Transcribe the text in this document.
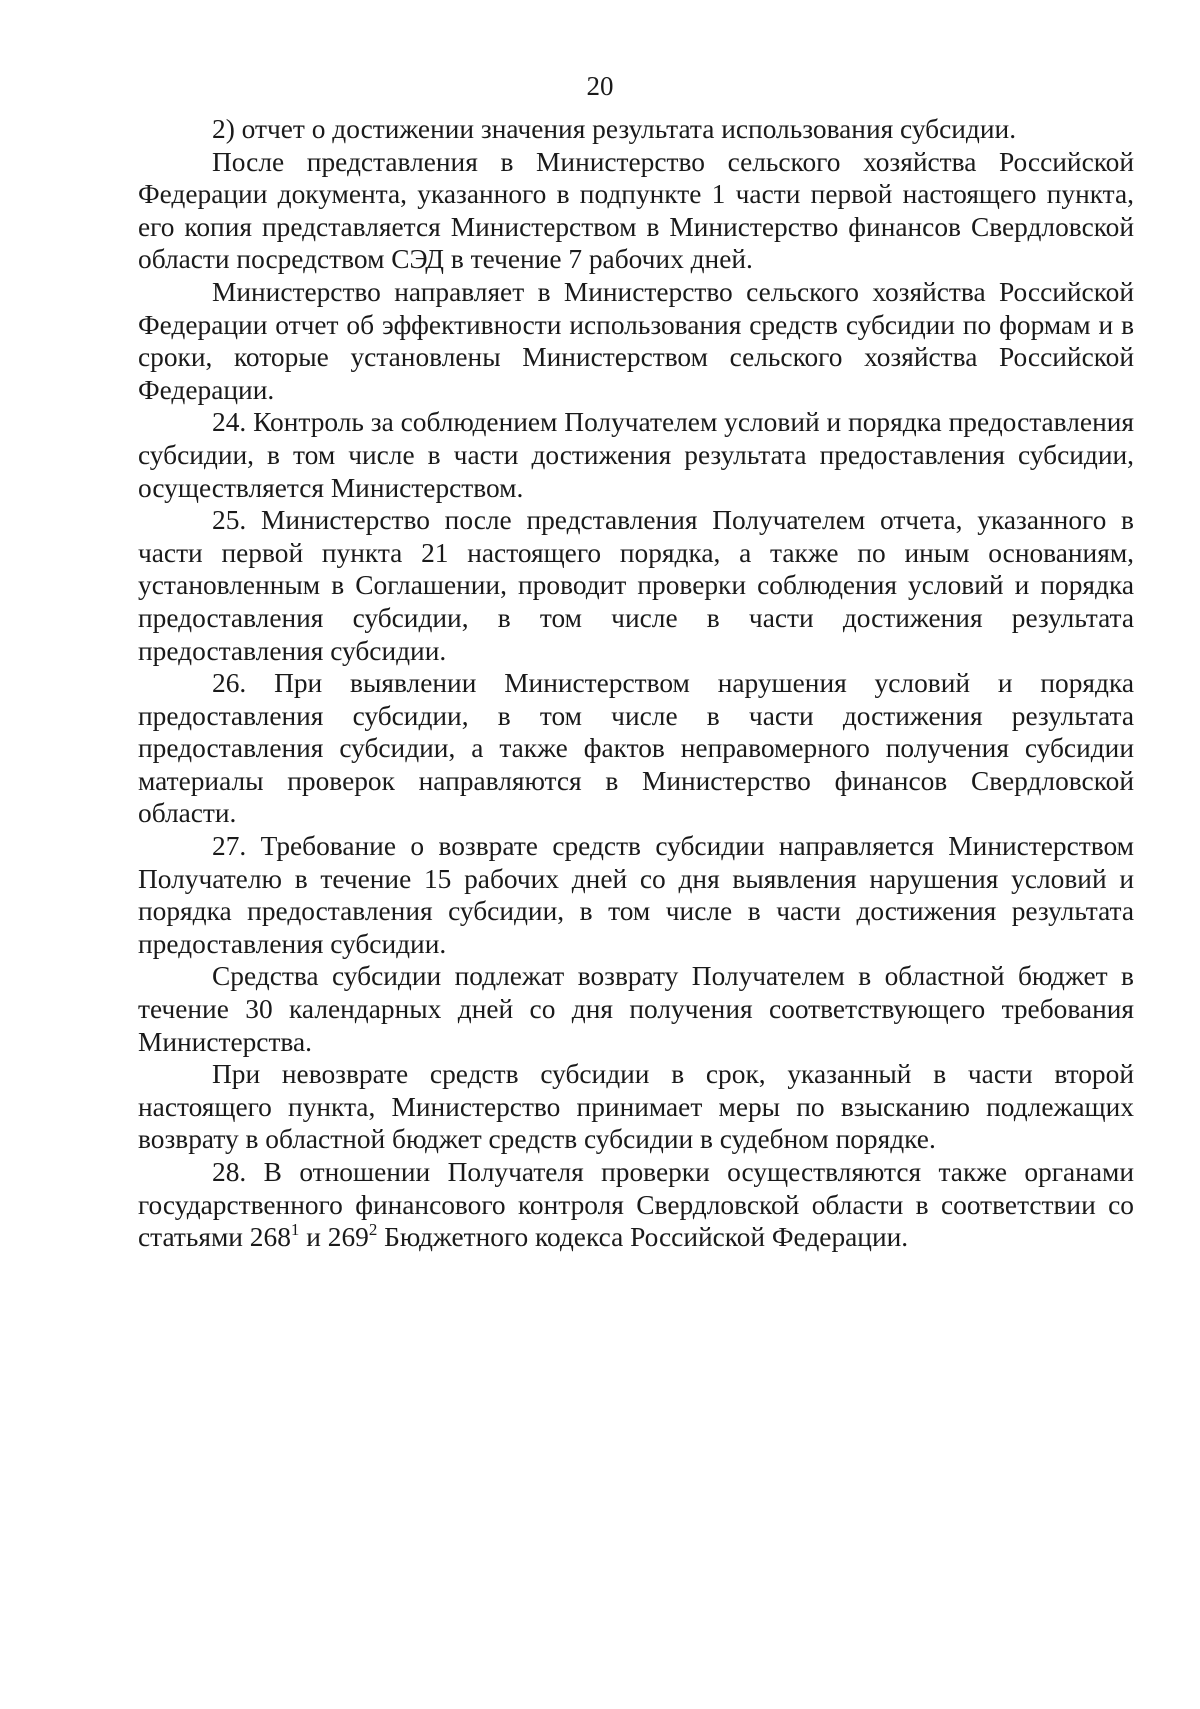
20

2) отчет о достижении значения результата использования субсидии.

После представления в Министерство сельского хозяйства Российской Федерации документа, указанного в подпункте 1 части первой настоящего пункта, его копия представляется Министерством в Министерство финансов Свердловской области посредством СЭД в течение 7 рабочих дней.

Министерство направляет в Министерство сельского хозяйства Российской Федерации отчет об эффективности использования средств субсидии по формам и в сроки, которые установлены Министерством сельского хозяйства Российской Федерации.

24. Контроль за соблюдением Получателем условий и порядка предоставления субсидии, в том числе в части достижения результата предоставления субсидии, осуществляется Министерством.

25. Министерство после представления Получателем отчета, указанного в части первой пункта 21 настоящего порядка, а также по иным основаниям, установленным в Соглашении, проводит проверки соблюдения условий и порядка предоставления субсидии, в том числе в части достижения результата предоставления субсидии.

26. При выявлении Министерством нарушения условий и порядка предоставления субсидии, в том числе в части достижения результата предоставления субсидии, а также фактов неправомерного получения субсидии материалы проверок направляются в Министерство финансов Свердловской области.

27. Требование о возврате средств субсидии направляется Министерством Получателю в течение 15 рабочих дней со дня выявления нарушения условий и порядка предоставления субсидии, в том числе в части достижения результата предоставления субсидии.

Средства субсидии подлежат возврату Получателем в областной бюджет в течение 30 календарных дней со дня получения соответствующего требования Министерства.

При невозврате средств субсидии в срок, указанный в части второй настоящего пункта, Министерство принимает меры по взысканию подлежащих возврату в областной бюджет средств субсидии в судебном порядке.

28. В отношении Получателя проверки осуществляются также органами государственного финансового контроля Свердловской области в соответствии со статьями $268^1$ и $269^2$ Бюджетного кодекса Российской Федерации.
